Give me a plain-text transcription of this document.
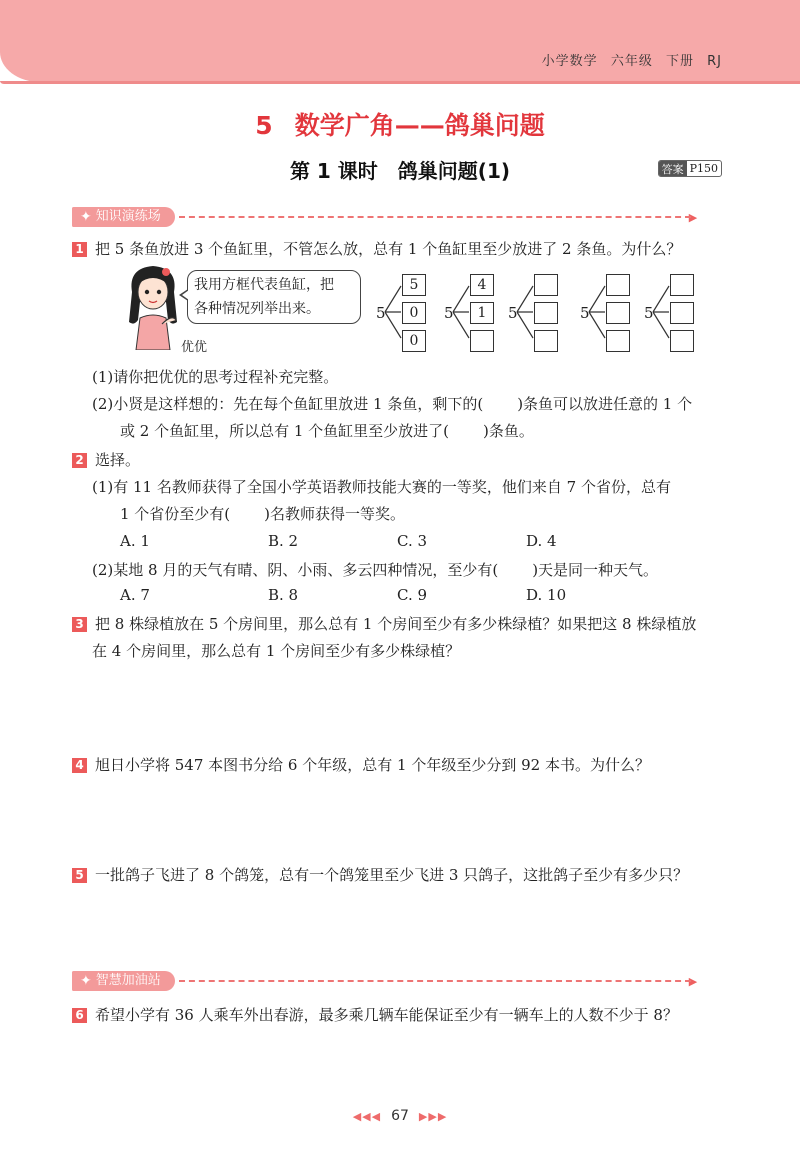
小学数学 六年级 下册 RJ
5 数学广角——鸽巢问题
第 1 课时　鸽巢问题(1)	答案 P150
✦ 知识演练场	▶
1 把 5 条鱼放进 3 个鱼缸里，不管怎么放，总有 1 个鱼缸里至少放进了 2 条鱼。为什么？
我用方框代表鱼缸，把
各种情况列举出来。
优优
5
5
0
0
5
4
1	5	5	5
(1)请你把优优的思考过程补充完整。
(2)小贤是这样想的：先在每个鱼缸里放进 1 条鱼，剩下的( )条鱼可以放进任意的 1 个
或 2 个鱼缸里，所以总有 1 个鱼缸里至少放进了( )条鱼。
2 选择。
(1)有 11 名教师获得了全国小学英语教师技能大赛的一等奖，他们来自 7 个省份，总有
1 个省份至少有( )名教师获得一等奖。
A. 1	B. 2	C. 3	D. 4
(2)某地 8 月的天气有晴、阴、小雨、多云四种情况，至少有( )天是同一种天气。
A. 7	B. 8	C. 9	D. 10
3 把 8 株绿植放在 5 个房间里，那么总有 1 个房间至少有多少株绿植？如果把这 8 株绿植放
在 4 个房间里，那么总有 1 个房间至少有多少株绿植？
4 旭日小学将 547 本图书分给 6 个年级，总有 1 个年级至少分到 92 本书。为什么？
5 一批鸽子飞进了 8 个鸽笼，总有一个鸽笼里至少飞进 3 只鸽子，这批鸽子至少有多少只？
✦ 智慧加油站	▶
6 希望小学有 36 人乘车外出春游，最多乘几辆车能保证至少有一辆车上的人数不少于 8？
◀◀◀ 67 ▶▶▶
